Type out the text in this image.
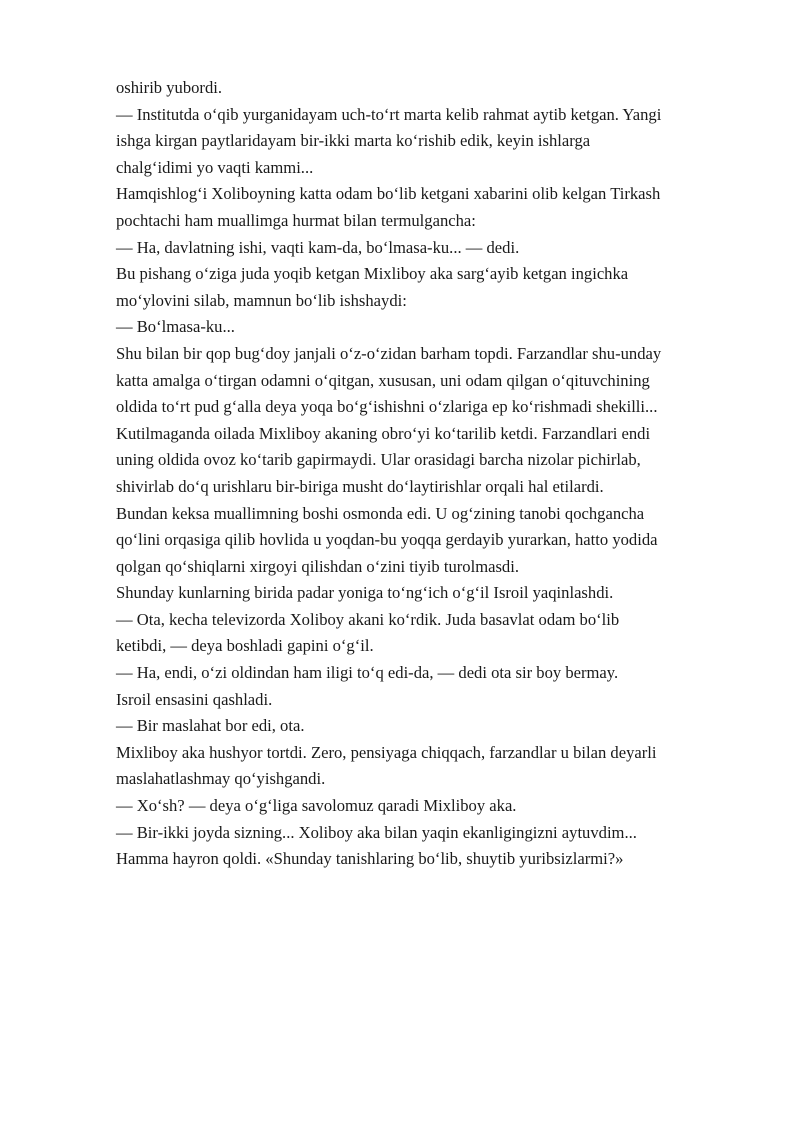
oshirib yubordi.
— Institutda oʻqib yurganidayam uch-toʻrt marta kelib rahmat aytib ketgan. Yangi
ishga kirgan paytlaridayam bir-ikki marta koʻrishib edik, keyin ishlarga
chalgʻidimi yo vaqti kammi...
Hamqishlogʻi Xoliboyning katta odam boʻlib ketgani xabarini olib kelgan Tirkash
pochtachi ham muallimga hurmat bilan termulgancha:
— Ha, davlatning ishi, vaqti kam-da, boʻlmasa-ku... — dedi.
Bu pishang oʻziga juda yoqib ketgan Mixliboy aka sargʻayib ketgan ingichka
moʻylovini silab, mamnun boʻlib ishshaydi:
— Boʻlmasa-ku...
Shu bilan bir qop bugʻdoy janjali oʻz-oʻzidan barham topdi. Farzandlar shu-unday
katta amalga oʻtirgan odamni oʻqitgan, xususan, uni odam qilgan oʻqituvchining
oldida toʻrt pud gʻalla deya yoqa boʻgʻishishni oʻzlariga ep koʻrishmadi shekilli...
Kutilmaganda oilada Mixliboy akaning obroʻyi koʻtarilib ketdi. Farzandlari endi
uning oldida ovoz koʻtarib gapirmaydi. Ular orasidagi barcha nizolar pichirlab,
shivirlab doʻq urishlaru bir-biriga musht doʻlaytirishlar orqali hal etilardi.
Bundan keksa muallimning boshi osmonda edi. U ogʻzining tanobi qochgancha
qoʻlini orqasiga qilib hovlida u yoqdan-bu yoqqa gerdayib yurarkan, hatto yodida
qolgan qoʻshiqlarni xirgoyi qilishdan oʻzini tiyib turolmasdi.
Shunday kunlarning birida padar yoniga toʻngʻich oʻgʻil Isroil yaqinlashdi.
— Ota, kecha televizorda Xoliboy akani koʻrdik. Juda basavlat odam boʻlib
ketibdi, — deya boshladi gapini oʻgʻil.
— Ha, endi, oʻzi oldindan ham iligi toʻq edi-da, — dedi ota sir boy bermay.
Isroil ensasini qashladi.
— Bir maslahat bor edi, ota.
Mixliboy aka hushyor tortdi. Zero, pensiyaga chiqqach, farzandlar u bilan deyarli
maslahatlashmay qoʻyishgandi.
— Xoʻsh? — deya oʻgʻliga savolomuz qaradi Mixliboy aka.
— Bir-ikki joyda sizning... Xoliboy aka bilan yaqin ekanligingizni aytuvdim...
Hamma hayron qoldi. «Shunday tanishlaring boʻlib, shuytib yuribsizlarmi?»
